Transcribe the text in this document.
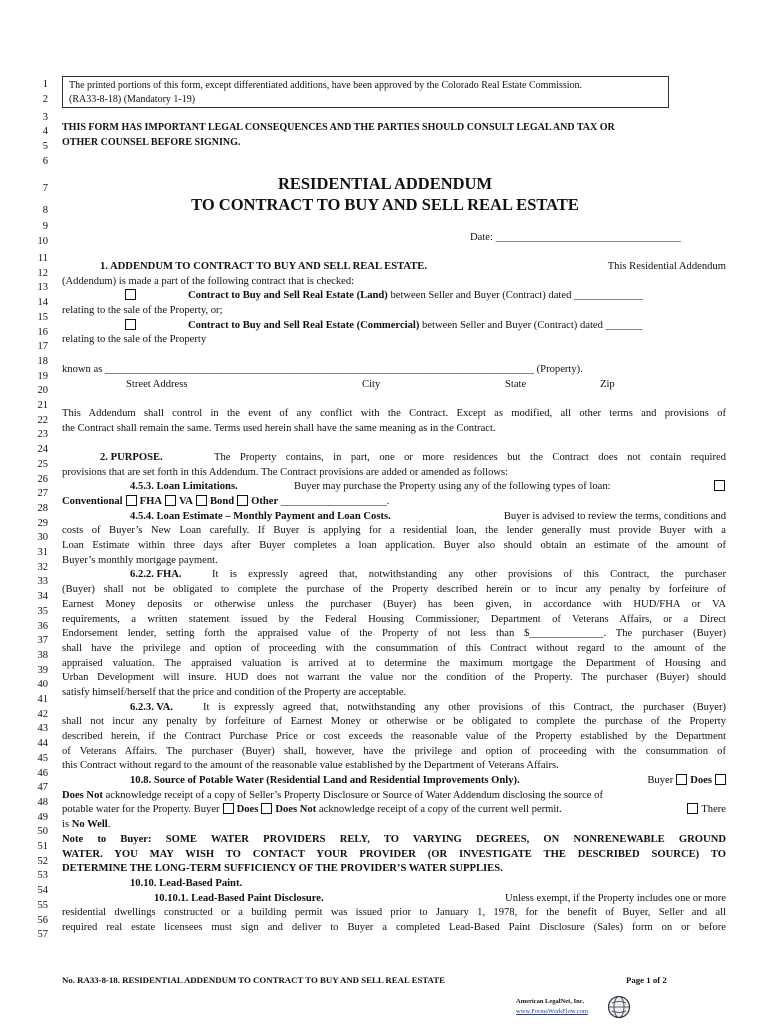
1
2
3
4
5
6
7
8
9
10
11
12
13
14
15
16
17
18
19
20
21
22
23
24
25
26
27
28
29
30
31
32
33
34
35
36
37
38
39
40
41
42
43
44
45
46
47
48
49
50
51
52
53
54
55
56
57
The printed portions of this form, except differentiated additions, have been approved by the Colorado Real Estate Commission.
(RA33-8-18) (Mandatory 1-19)
THIS FORM HAS IMPORTANT LEGAL CONSEQUENCES AND THE PARTIES SHOULD CONSULT LEGAL AND TAX OR
OTHER COUNSEL BEFORE SIGNING.
RESIDENTIAL ADDENDUM
TO CONTRACT TO BUY AND SELL REAL ESTATE
Date: ___________________________________
1. ADDENDUM TO CONTRACT TO BUY AND SELL REAL ESTATE.	This Residential Addendum
(Addendum) is made a part of the following contract that is checked:
Contract to Buy and Sell Real Estate (Land) between Seller and Buyer (Contract) dated _____________
relating to the sale of the Property, or;
Contract to Buy and Sell Real Estate (Commercial) between Seller and Buyer (Contract) dated _______
relating to the sale of the Property
known as _________________________________________________________________________________ (Property).
Street Address	City	State	Zip
This Addendum shall control in the event of any conflict with the Contract. Except as modified, all other terms and provisions of
the Contract shall remain the same. Terms used herein shall have the same meaning as in the Contract.
2. PURPOSE.	The Property contains, in part, one or more residences but the Contract does not contain required
provisions that are set forth in this Addendum. The Contract provisions are added or amended as follows:
4.5.3. Loan Limitations.	Buyer may purchase the Property using any of the following types of loan:
Conventional FHA VA Bond Other ____________________.
4.5.4. Loan Estimate – Monthly Payment and Loan Costs.	Buyer is advised to review the terms, conditions and
costs of Buyer’s New Loan carefully. If Buyer is applying for a residential loan, the lender generally must provide Buyer with a
Loan Estimate within three days after Buyer completes a loan application. Buyer also should obtain an estimate of the amount of
Buyer’s monthly mortgage payment.
6.2.2. FHA.	It is expressly agreed that, notwithstanding any other provisions of this Contract, the purchaser
(Buyer) shall not be obligated to complete the purchase of the Property described herein or to incur any penalty by forfeiture of
Earnest Money deposits or otherwise unless the purchaser (Buyer) has been given, in accordance with HUD/FHA or VA
requirements, a written statement issued by the Federal Housing Commissioner, Department of Veterans Affairs, or a Direct
Endorsement lender, setting forth the appraised value of the Property of not less than $______________. The purchaser (Buyer)
shall have the privilege and option of proceeding with the consummation of this Contract without regard to the amount of the
appraised valuation. The appraised valuation is arrived at to determine the maximum mortgage the Department of Housing and
Urban Development will insure. HUD does not warrant the value nor the condition of the Property. The purchaser (Buyer) should
satisfy himself/herself that the price and condition of the Property are acceptable.
6.2.3. VA.	It is expressly agreed that, notwithstanding any other provisions of this Contract, the purchaser (Buyer)
shall not incur any penalty by forfeiture of Earnest Money or otherwise or be obligated to complete the purchase of the Property
described herein, if the Contract Purchase Price or cost exceeds the reasonable value of the Property established by the Department
of Veterans Affairs. The purchaser (Buyer) shall, however, have the privilege and option of proceeding with the consummation of
this Contract without regard to the amount of the reasonable value established by the Department of Veterans Affairs.
10.8. Source of Potable Water (Residential Land and Residential Improvements Only).	Buyer Does
Does Not acknowledge receipt of a copy of Seller’s Property Disclosure or Source of Water Addendum disclosing the source of
potable water for the Property. Buyer Does Does Not acknowledge receipt of a copy of the current well permit.	There
is No Well.
Note to Buyer: SOME WATER PROVIDERS RELY, TO VARYING DEGREES, ON NONRENEWABLE GROUND
WATER. YOU MAY WISH TO CONTACT YOUR PROVIDER (OR INVESTIGATE THE DESCRIBED SOURCE) TO
DETERMINE THE LONG-TERM SUFFICIENCY OF THE PROVIDER’S WATER SUPPLIES.
10.10. Lead-Based Paint.
10.10.1. Lead-Based Paint Disclosure.	Unless exempt, if the Property includes one or more
residential dwellings constructed or a building permit was issued prior to January 1, 1978, for the benefit of Buyer, Seller and all
required real estate licensees must sign and deliver to Buyer a completed Lead-Based Paint Disclosure (Sales) form on or before
No. RA33-8-18. RESIDENTIAL ADDENDUM TO CONTRACT TO BUY AND SELL REAL ESTATE	Page 1 of 2
American LegalNet, Inc.
www.FormsWorkFlow.com
